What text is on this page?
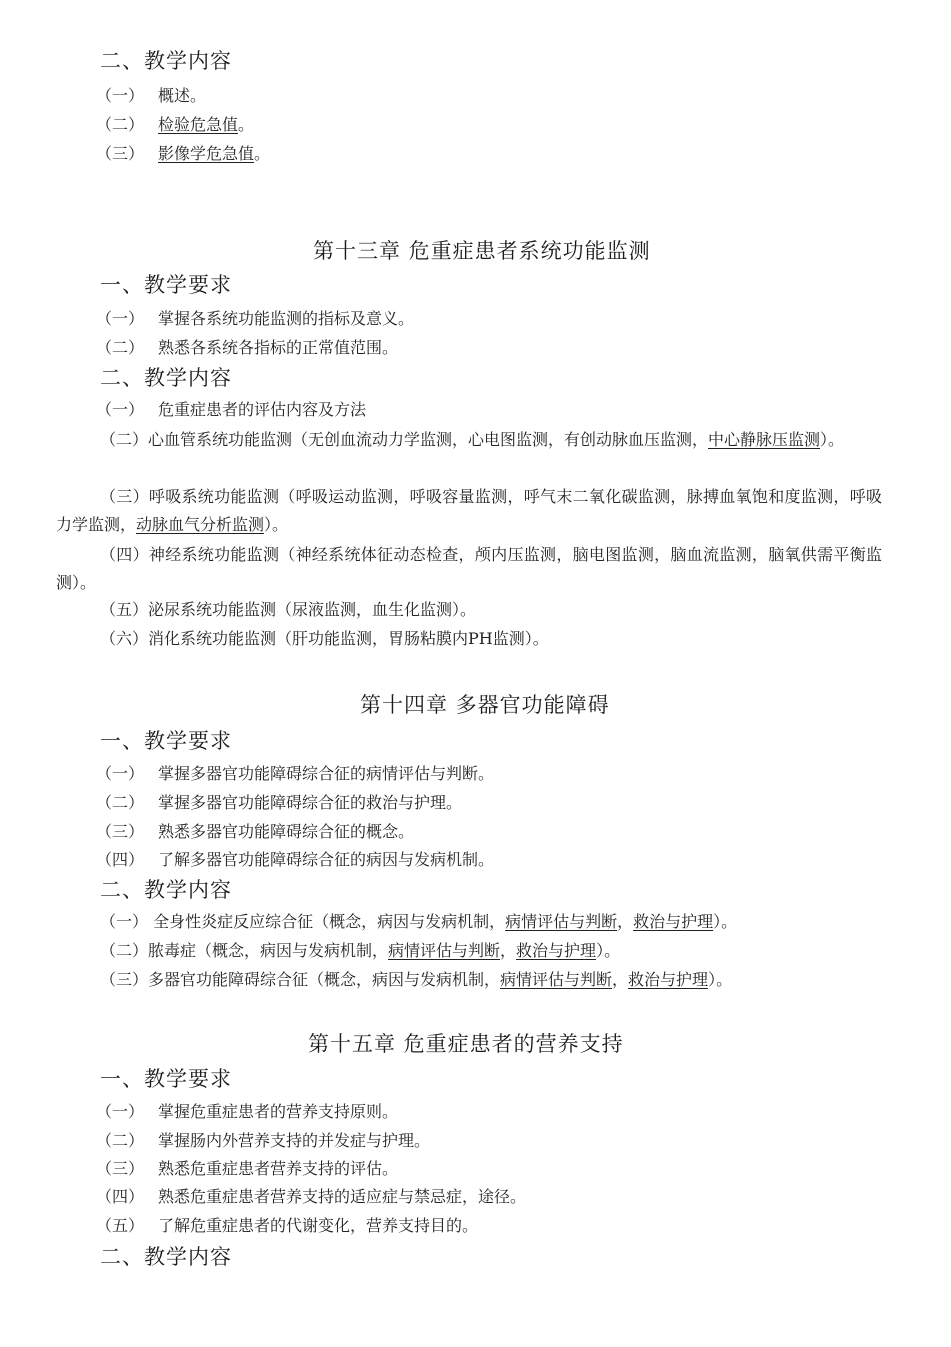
二、教学内容
（一） 概述。
（二） 检验危急值。
（三） 影像学危急值。
第十三章 危重症患者系统功能监测
一、教学要求
（一） 掌握各系统功能监测的指标及意义。
（二） 熟悉各系统各指标的正常值范围。
二、教学内容
（一） 危重症患者的评估内容及方法
（二）心血管系统功能监测（无创血流动力学监测，心电图监测，有创动脉血压监测，中心静脉压监测）。
（三）呼吸系统功能监测（呼吸运动监测，呼吸容量监测，呼气末二氧化碳监测，脉搏血氧饱和度监测，呼吸力学监测，动脉血气分析监测）。
（四）神经系统功能监测（神经系统体征动态检查，颅内压监测，脑电图监测，脑血流监测，脑氧供需平衡监测）。
（五）泌尿系统功能监测（尿液监测，血生化监测）。
（六）消化系统功能监测（肝功能监测，胃肠粘膜内PH监测）。
第十四章 多器官功能障碍
一、教学要求
（一） 掌握多器官功能障碍综合征的病情评估与判断。
（二） 掌握多器官功能障碍综合征的救治与护理。
（三） 熟悉多器官功能障碍综合征的概念。
（四） 了解多器官功能障碍综合征的病因与发病机制。
二、教学内容
（一） 全身性炎症反应综合征（概念，病因与发病机制，病情评估与判断，救治与护理）。
（二）脓毒症（概念，病因与发病机制，病情评估与判断，救治与护理）。
（三）多器官功能障碍综合征（概念，病因与发病机制，病情评估与判断，救治与护理）。
第十五章 危重症患者的营养支持
一、教学要求
（一） 掌握危重症患者的营养支持原则。
（二） 掌握肠内外营养支持的并发症与护理。
（三） 熟悉危重症患者营养支持的评估。
（四） 熟悉危重症患者营养支持的适应症与禁忌症，途径。
（五） 了解危重症患者的代谢变化，营养支持目的。
二、教学内容
